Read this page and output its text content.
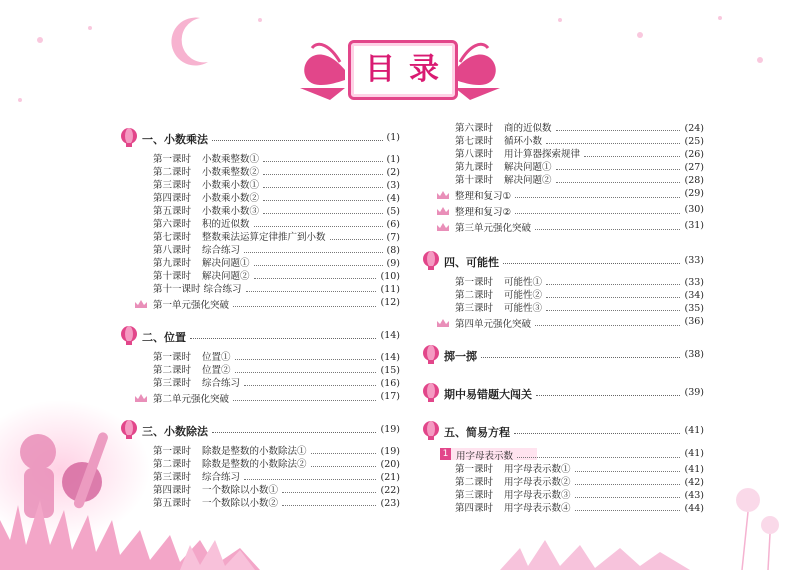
目录
一、小数乘法	(1)
第一课时 小数乘整数①	(1)
第二课时 小数乘整数②	(2)
第三课时 小数乘小数①	(3)
第四课时 小数乘小数②	(4)
第五课时 小数乘小数③	(5)
第六课时 积的近似数	(6)
第七课时 整数乘法运算定律推广到小数	(7)
第八课时 综合练习	(8)
第九课时 解决问题①	(9)
第十课时 解决问题②	(10)
第十一课时 综合练习	(11)
第一单元强化突破	(12)
二、位置	(14)
第一课时 位置①	(14)
第二课时 位置②	(15)
第三课时 综合练习	(16)
第二单元强化突破	(17)
三、小数除法	(19)
第一课时 除数是整数的小数除法①	(19)
第二课时 除数是整数的小数除法②	(20)
第三课时 综合练习	(21)
第四课时 一个数除以小数①	(22)
第五课时 一个数除以小数②	(23)
第六课时 商的近似数	(24)
第七课时 循环小数	(25)
第八课时 用计算器探索规律	(26)
第九课时 解决问题①	(27)
第十课时 解决问题②	(28)
整理和复习①	(29)
整理和复习②	(30)
第三单元强化突破	(31)
四、可能性	(33)
第一课时 可能性①	(33)
第二课时 可能性②	(34)
第三课时 可能性③	(35)
第四单元强化突破	(36)
掷一掷	(38)
期中易错题大闯关	(39)
五、简易方程	(41)
1 用字母表示数	(41)
第一课时 用字母表示数①	(41)
第二课时 用字母表示数②	(42)
第三课时 用字母表示数③	(43)
第四课时 用字母表示数④	(44)
